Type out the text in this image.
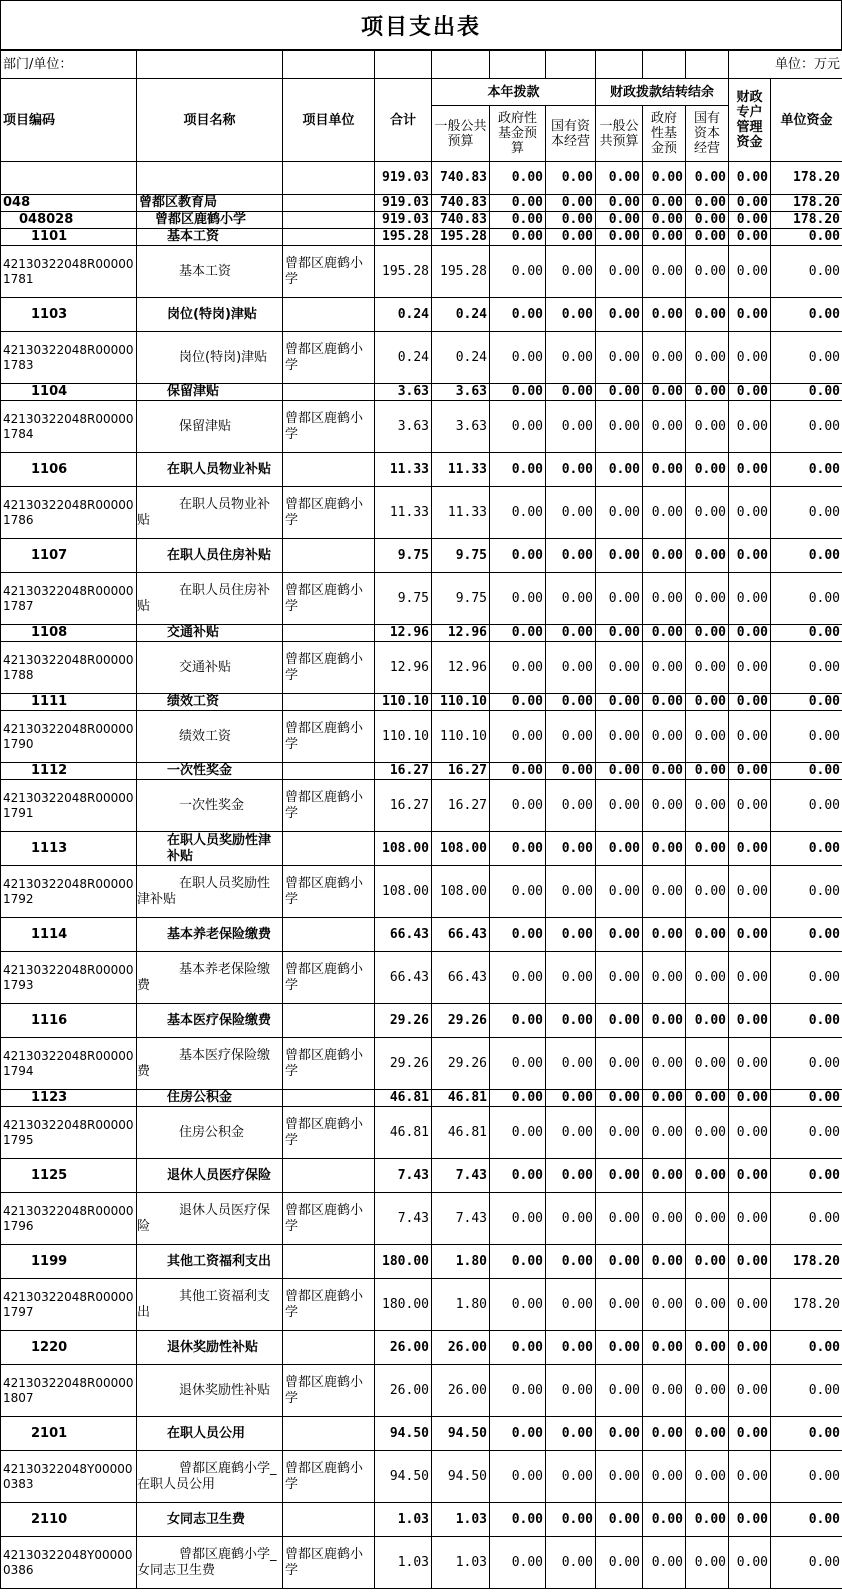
项目支出表
部门/单位：										单位：万元	
项目编码	项目名称	项目单位	合计	本年拨款			财政拨款结转结余			财政专户管理资金	单位资金
				一般公共预算	政府性基金预算	国有资本经营	一般公共预算	政府性基金预	国有资本经营		
			919.03	740.83	0.00	0.00	0.00	0.00	0.00	0.00	178.20
048	曾都区教育局		919.03	740.83	0.00	0.00	0.00	0.00	0.00	0.00	178.20
048028	曾都区鹿鹤小学		919.03	740.83	0.00	0.00	0.00	0.00	0.00	0.00	178.20
1101	基本工资		195.28	195.28	0.00	0.00	0.00	0.00	0.00	0.00	0.00
42130322048R000001781	基本工资	曾都区鹿鹤小学	195.28	195.28	0.00	0.00	0.00	0.00	0.00	0.00	0.00
1103	岗位(特岗)津贴		0.24	0.24	0.00	0.00	0.00	0.00	0.00	0.00	0.00
42130322048R000001783	岗位(特岗)津贴	曾都区鹿鹤小学	0.24	0.24	0.00	0.00	0.00	0.00	0.00	0.00	0.00
1104	保留津贴		3.63	3.63	0.00	0.00	0.00	0.00	0.00	0.00	0.00
42130322048R000001784	保留津贴	曾都区鹿鹤小学	3.63	3.63	0.00	0.00	0.00	0.00	0.00	0.00	0.00
1106	在职人员物业补贴		11.33	11.33	0.00	0.00	0.00	0.00	0.00	0.00	0.00
42130322048R000001786	在职人员物业补贴	曾都区鹿鹤小学	11.33	11.33	0.00	0.00	0.00	0.00	0.00	0.00	0.00
1107	在职人员住房补贴		9.75	9.75	0.00	0.00	0.00	0.00	0.00	0.00	0.00
42130322048R000001787	在职人员住房补贴	曾都区鹿鹤小学	9.75	9.75	0.00	0.00	0.00	0.00	0.00	0.00	0.00
1108	交通补贴		12.96	12.96	0.00	0.00	0.00	0.00	0.00	0.00	0.00
42130322048R000001788	交通补贴	曾都区鹿鹤小学	12.96	12.96	0.00	0.00	0.00	0.00	0.00	0.00	0.00
1111	绩效工资		110.10	110.10	0.00	0.00	0.00	0.00	0.00	0.00	0.00
42130322048R000001790	绩效工资	曾都区鹿鹤小学	110.10	110.10	0.00	0.00	0.00	0.00	0.00	0.00	0.00
1112	一次性奖金		16.27	16.27	0.00	0.00	0.00	0.00	0.00	0.00	0.00
42130322048R000001791	一次性奖金	曾都区鹿鹤小学	16.27	16.27	0.00	0.00	0.00	0.00	0.00	0.00	0.00
1113	在职人员奖励性津补贴		108.00	108.00	0.00	0.00	0.00	0.00	0.00	0.00	0.00
42130322048R000001792	在职人员奖励性津补贴	曾都区鹿鹤小学	108.00	108.00	0.00	0.00	0.00	0.00	0.00	0.00	0.00
1114	基本养老保险缴费		66.43	66.43	0.00	0.00	0.00	0.00	0.00	0.00	0.00
42130322048R000001793	基本养老保险缴费	曾都区鹿鹤小学	66.43	66.43	0.00	0.00	0.00	0.00	0.00	0.00	0.00
1116	基本医疗保险缴费		29.26	29.26	0.00	0.00	0.00	0.00	0.00	0.00	0.00
42130322048R000001794	基本医疗保险缴费	曾都区鹿鹤小学	29.26	29.26	0.00	0.00	0.00	0.00	0.00	0.00	0.00
1123	住房公积金		46.81	46.81	0.00	0.00	0.00	0.00	0.00	0.00	0.00
42130322048R000001795	住房公积金	曾都区鹿鹤小学	46.81	46.81	0.00	0.00	0.00	0.00	0.00	0.00	0.00
1125	退休人员医疗保险		7.43	7.43	0.00	0.00	0.00	0.00	0.00	0.00	0.00
42130322048R000001796	退休人员医疗保险	曾都区鹿鹤小学	7.43	7.43	0.00	0.00	0.00	0.00	0.00	0.00	0.00
1199	其他工资福利支出		180.00	1.80	0.00	0.00	0.00	0.00	0.00	0.00	178.20
42130322048R000001797	其他工资福利支出	曾都区鹿鹤小学	180.00	1.80	0.00	0.00	0.00	0.00	0.00	0.00	178.20
1220	退休奖励性补贴		26.00	26.00	0.00	0.00	0.00	0.00	0.00	0.00	0.00
42130322048R000001807	退休奖励性补贴	曾都区鹿鹤小学	26.00	26.00	0.00	0.00	0.00	0.00	0.00	0.00	0.00
2101	在职人员公用		94.50	94.50	0.00	0.00	0.00	0.00	0.00	0.00	0.00
42130322048Y000000383	曾都区鹿鹤小学_在职人员公用	曾都区鹿鹤小学	94.50	94.50	0.00	0.00	0.00	0.00	0.00	0.00	0.00
2110	女同志卫生费		1.03	1.03	0.00	0.00	0.00	0.00	0.00	0.00	0.00
42130322048Y000000386	曾都区鹿鹤小学_女同志卫生费	曾都区鹿鹤小学	1.03	1.03	0.00	0.00	0.00	0.00	0.00	0.00	0.00
